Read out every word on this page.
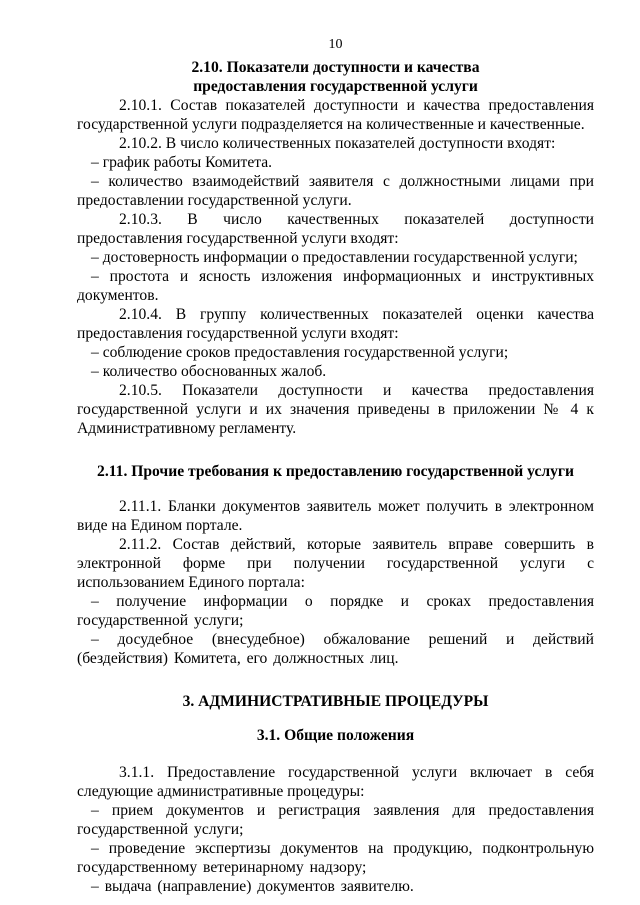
10
2.10. Показатели доступности и качества
предоставления государственной услуги

2.10.1. Состав показателей доступности и качества предоставления государственной услуги подразделяется на количественные и качественные.

2.10.2. В число количественных показателей доступности входят:

– график работы Комитета.

– количество взаимодействий заявителя с должностными лицами при предоставлении государственной услуги.

2.10.3. В число качественных показателей доступности предоставления государственной услуги входят:

– достоверность информации о предоставлении государственной услуги;

– простота и ясность изложения информационных и инструктивных документов.

2.10.4. В группу количественных показателей оценки качества предоставления государственной услуги входят:

– соблюдение сроков предоставления государственной услуги;

– количество обоснованных жалоб.

2.10.5. Показатели доступности и качества предоставления государственной услуги и их значения приведены в приложении № 4 к Административному регламенту.

2.11. Прочие требования к предоставлению государственной услуги

2.11.1. Бланки документов заявитель может получить в электронном виде на Едином портале.

2.11.2. Состав действий, которые заявитель вправе совершить в электронной форме при получении государственной услуги с использованием Единого портала:

– получение информации о порядке и сроках предоставления государственной услуги;

– досудебное (внесудебное) обжалование решений и действий (бездействия) Комитета, его должностных лиц.

3. АДМИНИСТРАТИВНЫЕ ПРОЦЕДУРЫ
3.1. Общие положения

3.1.1. Предоставление государственной услуги включает в себя следующие административные процедуры:

– прием документов и регистрация заявления для предоставления государственной услуги;

– проведение экспертизы документов на продукцию, подконтрольную государственному ветеринарному надзору;

– выдача (направление) документов заявителю.
